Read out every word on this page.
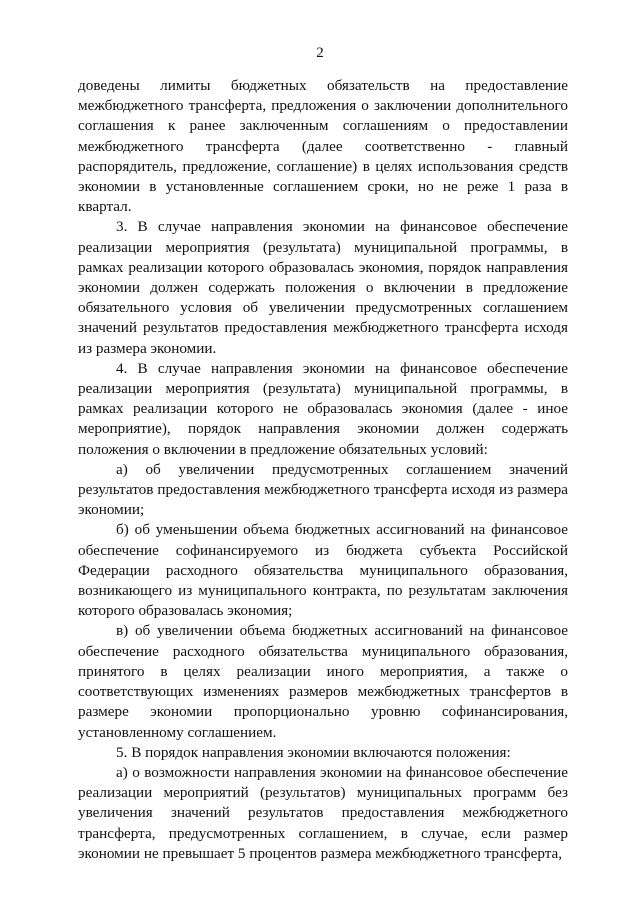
2

доведены лимиты бюджетных обязательств на предоставление межбюджетного трансферта, предложения о заключении дополнительного соглашения к ранее заключенным соглашениям о предоставлении межбюджетного трансферта (далее соответственно - главный распорядитель, предложение, соглашение) в целях использования средств экономии в установленные соглашением сроки, но не реже 1 раза в квартал.

3. В случае направления экономии на финансовое обеспечение реализации мероприятия (результата) муниципальной программы, в рамках реализации которого образовалась экономия, порядок направления экономии должен содержать положения о включении в предложение обязательного условия об увеличении предусмотренных соглашением значений результатов предоставления межбюджетного трансферта исходя из размера экономии.

4. В случае направления экономии на финансовое обеспечение реализации мероприятия (результата) муниципальной программы, в рамках реализации которого не образовалась экономия (далее - иное мероприятие), порядок направления экономии должен содержать положения о включении в предложение обязательных условий:

а) об увеличении предусмотренных соглашением значений результатов предоставления межбюджетного трансферта исходя из размера экономии;

б) об уменьшении объема бюджетных ассигнований на финансовое обеспечение софинансируемого из бюджета субъекта Российской Федерации расходного обязательства муниципального образования, возникающего из муниципального контракта, по результатам заключения которого образовалась экономия;

в) об увеличении объема бюджетных ассигнований на финансовое обеспечение расходного обязательства муниципального образования, принятого в целях реализации иного мероприятия, а также о соответствующих изменениях размеров межбюджетных трансфертов в размере экономии пропорционально уровню софинансирования, установленному соглашением.

5. В порядок направления экономии включаются положения:

а) о возможности направления экономии на финансовое обеспечение реализации мероприятий (результатов) муниципальных программ без увеличения значений результатов предоставления межбюджетного трансферта, предусмотренных соглашением, в случае, если размер экономии не превышает 5 процентов размера межбюджетного трансферта,
